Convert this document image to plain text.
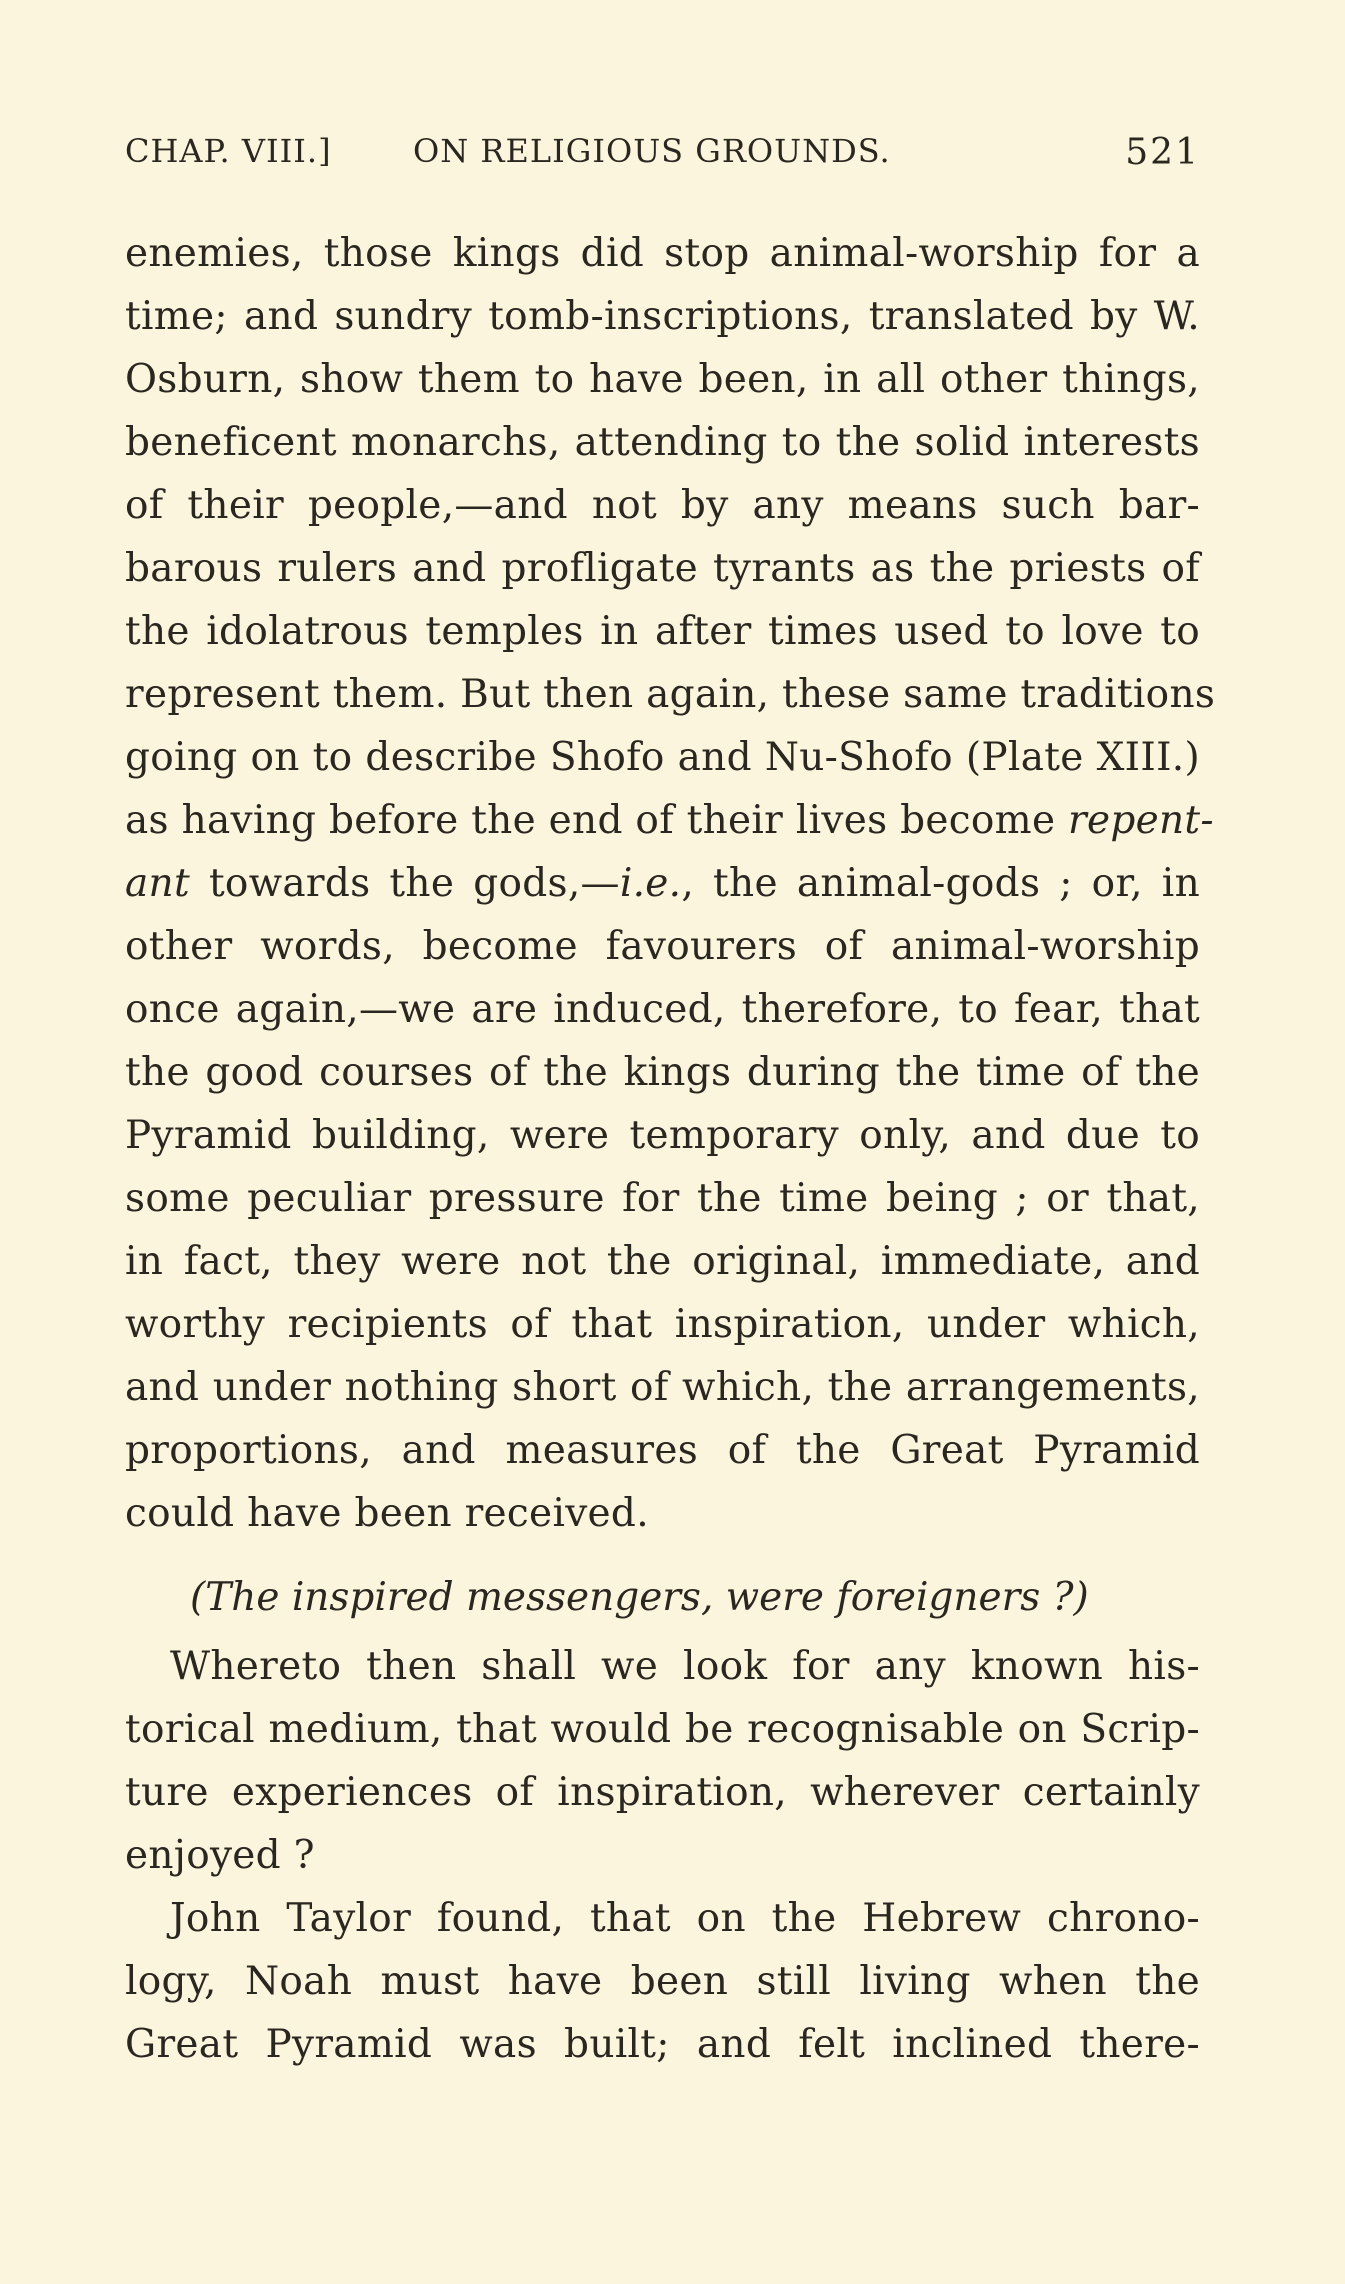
CHAP. VIII.]	ON RELIGIOUS GROUNDS.	521
enemies, those kings did stop animal-worship for a
time; and sundry tomb-inscriptions, translated by W.
Osburn, show them to have been, in all other things,
beneficent monarchs, attending to the solid interests
of their people,—and not by any means such bar-
barous rulers and profligate tyrants as the priests of
the idolatrous temples in after times used to love to
represent them. But then again, these same traditions
going on to describe Shofo and Nu-Shofo (Plate XIII.)
as having before the end of their lives become repent-
ant towards the gods,—i.e., the animal-gods ; or, in
other words, become favourers of animal-worship
once again,—we are induced, therefore, to fear, that
the good courses of the kings during the time of the
Pyramid building, were temporary only, and due to
some peculiar pressure for the time being ; or that,
in fact, they were not the original, immediate, and
worthy recipients of that inspiration, under which,
and under nothing short of which, the arrangements,
proportions, and measures of the Great Pyramid
could have been received.
(The inspired messengers, were foreigners ?)
Whereto then shall we look for any known his-
torical medium, that would be recognisable on Scrip-
ture experiences of inspiration, wherever certainly
enjoyed ?
John Taylor found, that on the Hebrew chrono-
logy, Noah must have been still living when the
Great Pyramid was built; and felt inclined there-
